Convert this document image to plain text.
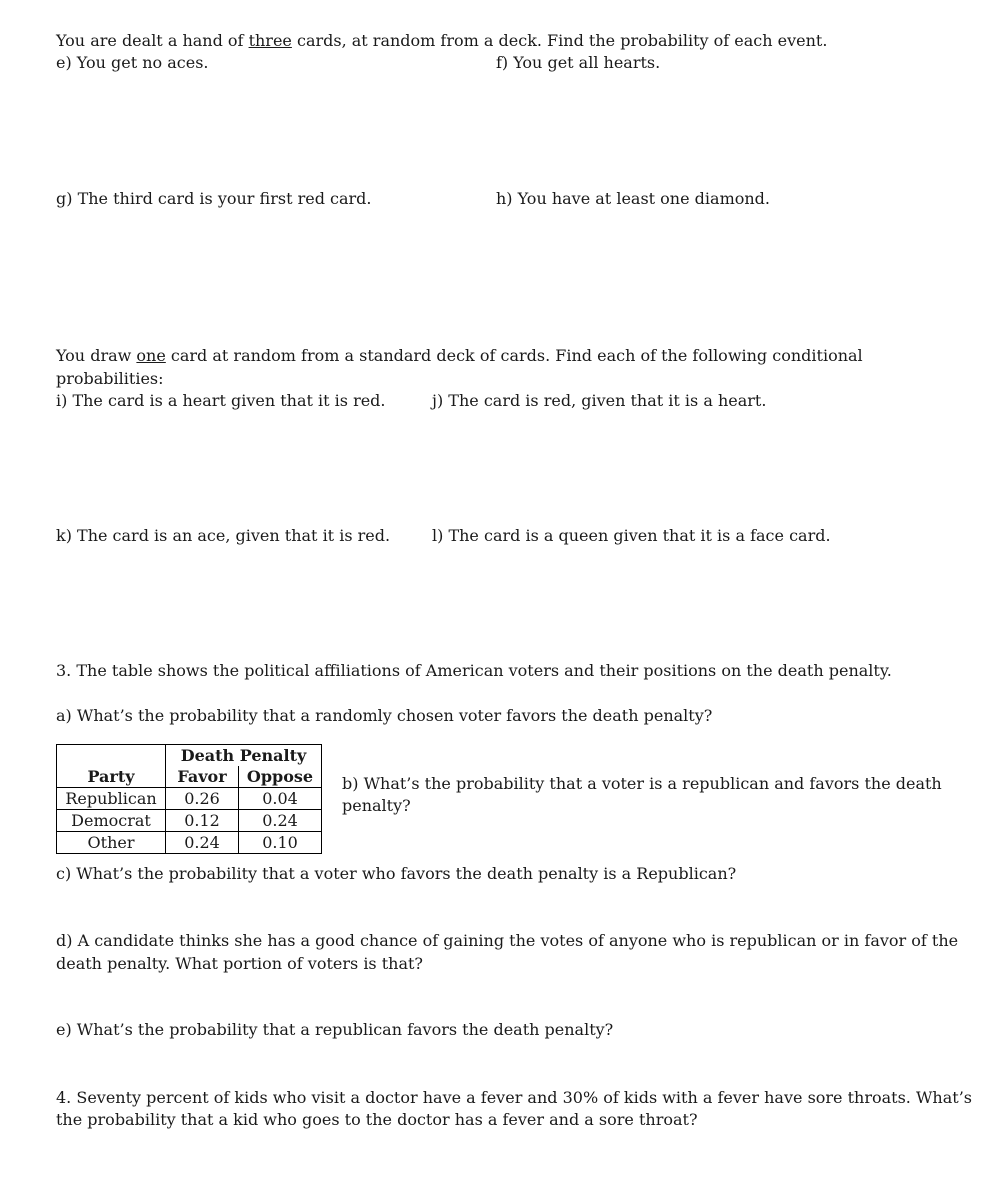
You are dealt a hand of three cards, at random from a deck. Find the probability of each event.
e) You get no aces.	f) You get all hearts.
g) The third card is your first red card.	h) You have at least one diamond.
You draw one card at random from a standard deck of cards. Find each of the following conditional
probabilities:
i) The card is a heart given that it is red.	j) The card is red, given that it is a heart.
k) The card is an ace, given that it is red.	l) The card is a queen given that it is a face card.
3. The table shows the political affiliations of American voters and their positions on the death penalty.
a) What’s the probability that a randomly chosen voter favors the death penalty?
	Death Penalty	
Party	Favor	Oppose
Republican	0.26	0.04
Democrat	0.12	0.24
Other	0.24	0.10
b) What’s the probability that a voter is a republican and favors the death
penalty?
c) What’s the probability that a voter who favors the death penalty is a Republican?
d) A candidate thinks she has a good chance of gaining the votes of anyone who is republican or in favor of the
death penalty. What portion of voters is that?
e) What’s the probability that a republican favors the death penalty?
4. Seventy percent of kids who visit a doctor have a fever and 30% of kids with a fever have sore throats. What’s
the probability that a kid who goes to the doctor has a fever and a sore throat?
